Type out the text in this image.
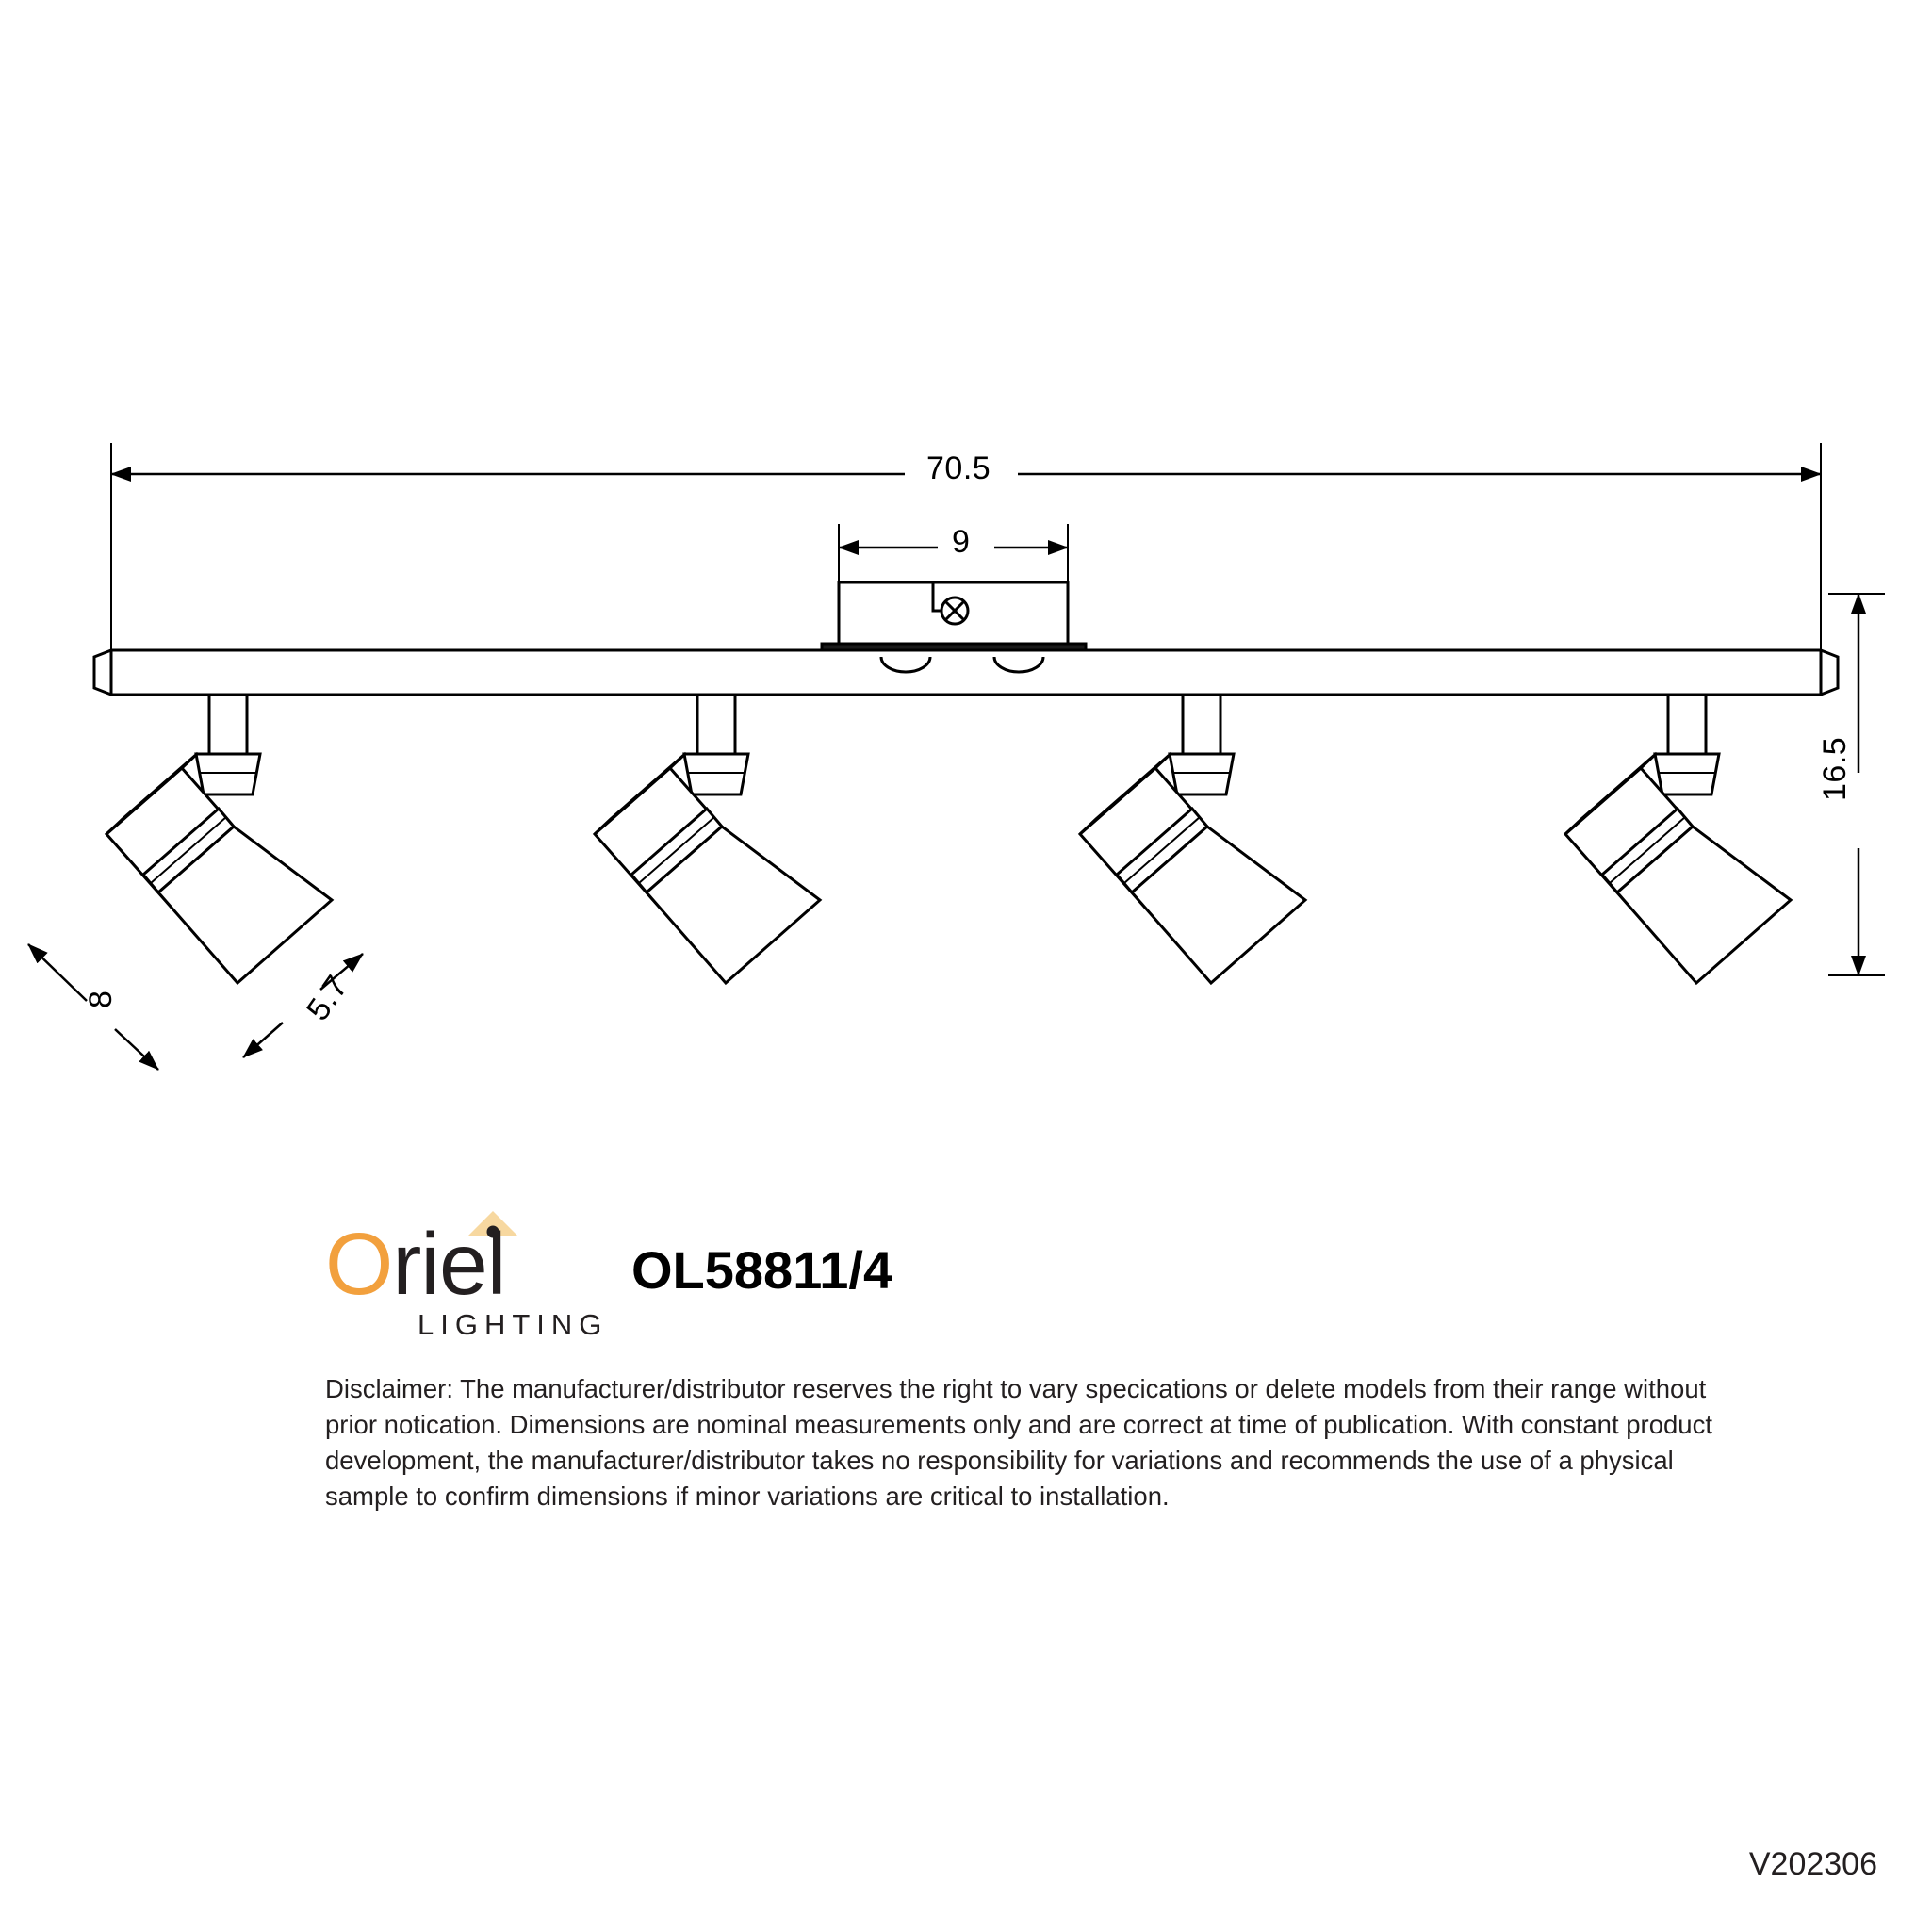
70.5
9
16.5
8	5.7
Oriel
LIGHTING
OL58811/4
Disclaimer: The manufacturer/distributor reserves the right to vary specications or delete models from their range without prior notication. Dimensions are nominal measurements only and are correct at time of publication. With constant product development, the manufacturer/distributor takes no responsibility for variations and recommends the use of a physical sample to confirm dimensions if minor variations are critical to installation.
V202306
